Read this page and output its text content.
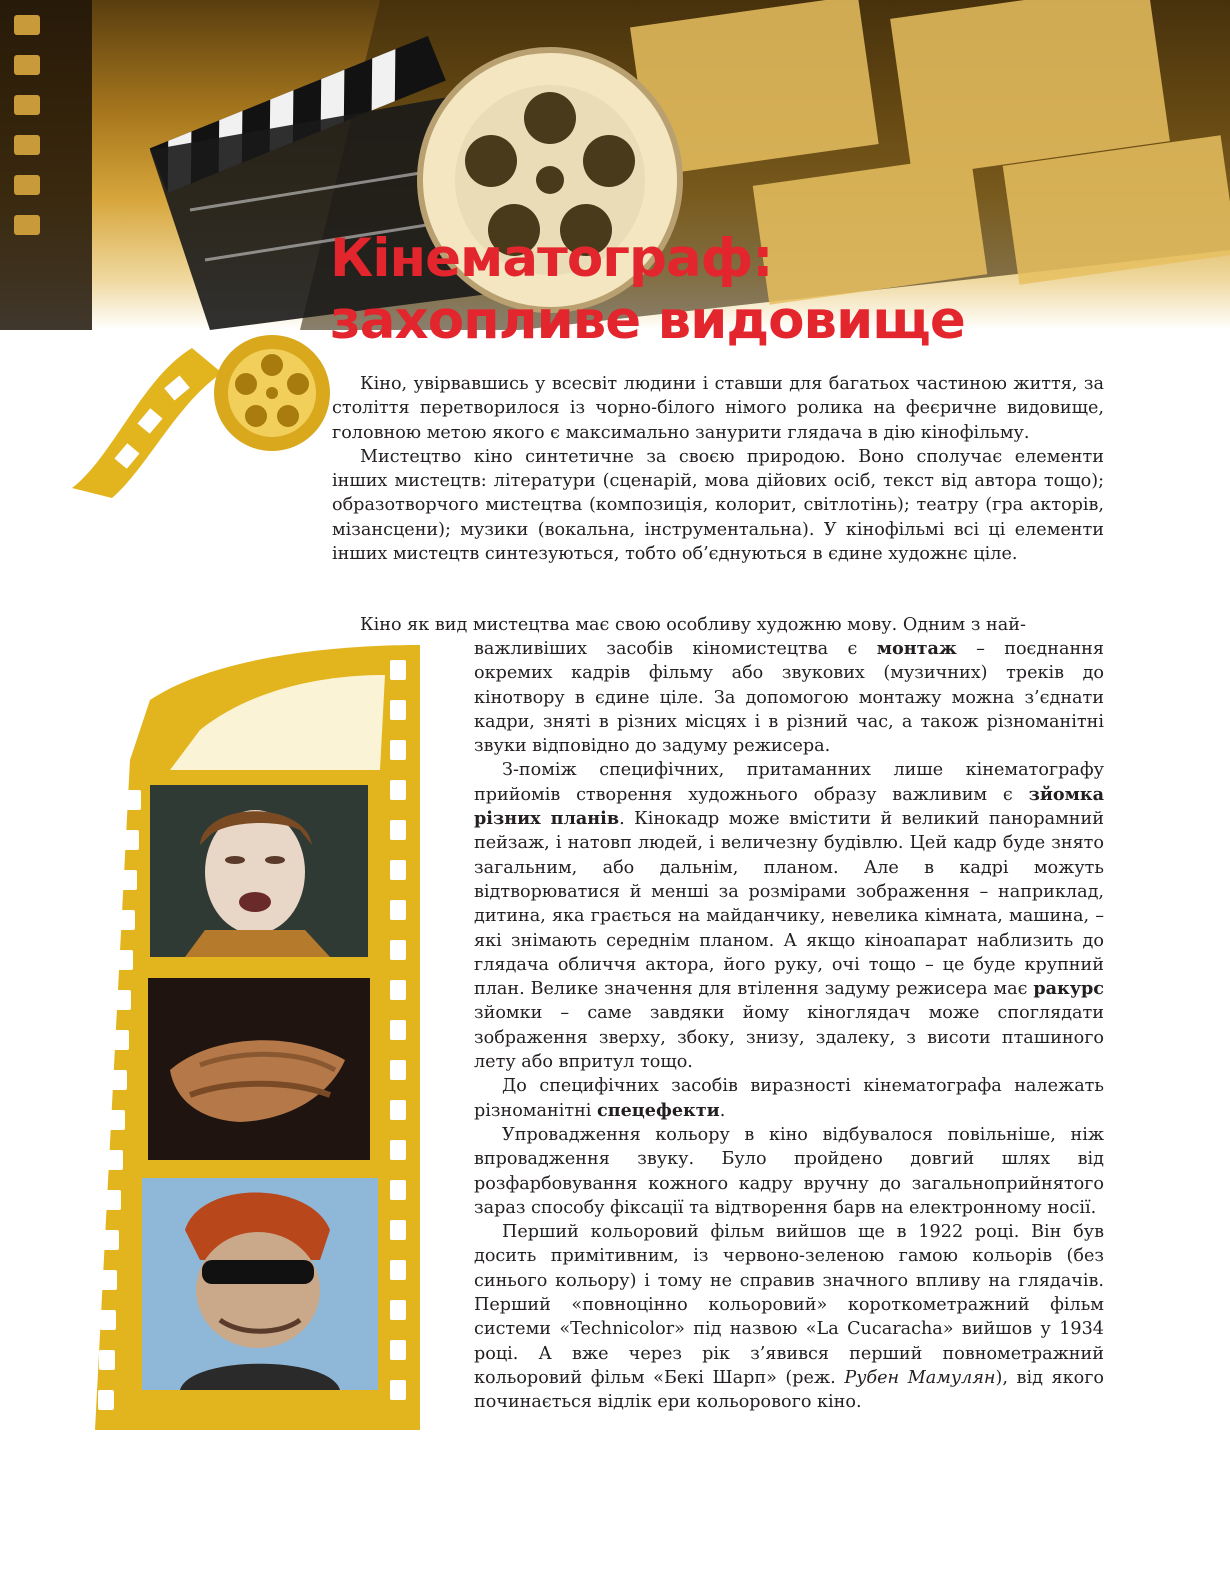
Кінематограф:
захопливе видовище

Кіно, увірвавшись у всесвіт людини і ставши для багатьох частиною життя, за століття перетворилося із чорно-білого німого ролика на феєричне видовище, головною метою якого є максимально занурити глядача в дію кінофільму.

Мистецтво кіно синтетичне за своєю природою. Воно сполучає елементи інших мистецтв: літератури (сценарій, мова дійових осіб, текст від автора тощо); образотворчого мистецтва (композиція, колорит, світлотінь); театру (гра акторів, мізансцени); музики (вокальна, інструментальна). У кінофільмі всі ці елементи інших мистецтв синтезуються, тобто об’єднуються в єдине художнє ціле.

Кіно як вид мистецтва має свою особливу художню мову. Одним з най-

важливіших засобів кіномистецтва є монтаж – поєднання окремих кадрів фільму або звукових (музичних) треків до кінотвору в єдине ціле. За допомогою монтажу можна з’єднати кадри, зняті в різних місцях і в різний час, а також різноманітні звуки відповідно до задуму режисера.

З-поміж специфічних, притаманних лише кінематографу прийомів створення художнього образу важливим є зйомка різних планів. Кінокадр може вмістити й великий панорамний пейзаж, і натовп людей, і величезну будівлю. Цей кадр буде знято загальним, або дальнім, планом. Але в кадрі можуть відтворюватися й менші за розмірами зображення – наприклад, дитина, яка грається на майданчику, невелика кімната, машина, – які знімають середнім планом. А якщо кіноапарат наблизить до глядача обличчя актора, його руку, очі тощо – це буде крупний план. Велике значення для втілення задуму режисера має ракурс зйомки – саме завдяки йому кіноглядач може споглядати зображення зверху, збоку, знизу, здалеку, з висоти пташиного лету або впритул тощо.

До специфічних засобів виразності кінематографа належать різноманітні спецефекти.

Упровадження кольору в кіно відбувалося повільніше, ніж впровадження звуку. Було пройдено довгий шлях від розфарбовування кожного кадру вручну до загальноприйнятого зараз способу фіксації та відтворення барв на електронному носії.

Перший кольоровий фільм вийшов ще в 1922 році. Він був досить примітивним, із червоно-зеленою гамою кольорів (без синього кольору) і тому не справив значного впливу на глядачів. Перший «повноцінно кольоровий» короткометражний фільм системи «Technicolor» під назвою «La Cucaracha» вийшов у 1934 році. А вже через рік з’явився перший повнометражний кольоровий фільм «Бекі Шарп» (реж. Рубен Мамулян), від якого починається відлік ери кольорового кіно.
